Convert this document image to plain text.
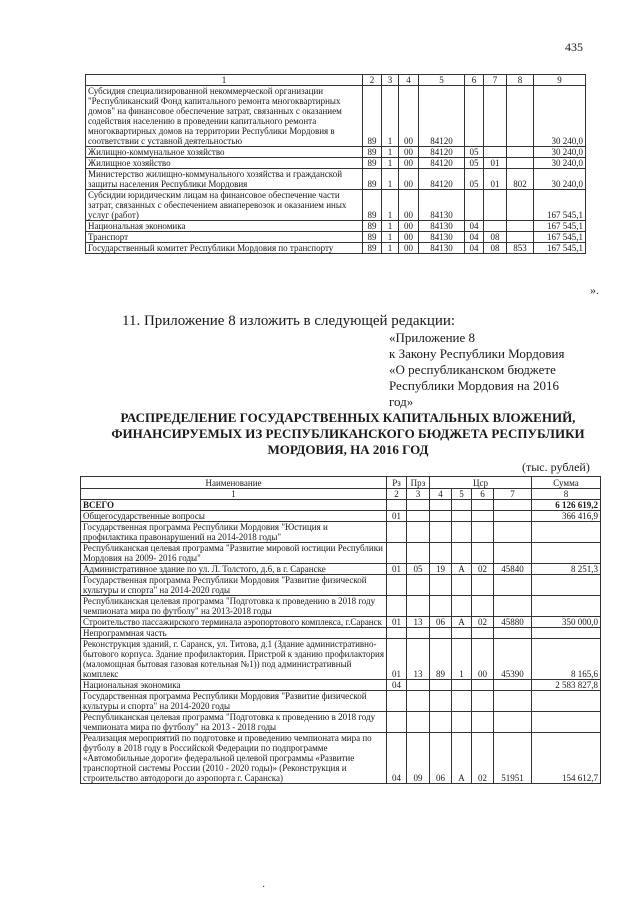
435
1	2	3	4	5	6	7	8	9
Субсидия специализированной некоммерческой организации "Республиканский Фонд капитального ремонта многоквартирных домов" на финансовое обеспечение затрат, связанных с оказанием содействия населению в проведении капитального ремонта многоквартирных домов на территории Республики Мордовия в соответствии с уставной деятельностью	89	1	00	84120				30 240,0
Жилищно-коммунальное хозяйство	89	1	00	84120	05			30 240,0
Жилищное хозяйство	89	1	00	84120	05	01		30 240,0
Министерство жилищно-коммунального хозяйства и гражданской защиты населения Республики Мордовия	89	1	00	84120	05	01	802	30 240,0
Субсидии юридическим лицам на финансовое обеспечение части затрат, связанных с обеспечением авиаперевозок и оказанием иных услуг (работ)	89	1	00	84130				167 545,1
Национальная экономика	89	1	00	84130	04			167 545,1
Транспорт	89	1	00	84130	04	08		167 545,1
Государственный комитет Республики Мордовия по транспорту	89	1	00	84130	04	08	853	167 545,1
».
11. Приложение 8 изложить в следующей редакции:
«Приложение 8
к Закону Республики Мордовия
«О республиканском бюджете
Республики Мордовия на 2016
год»
РАСПРЕДЕЛЕНИЕ ГОСУДАРСТВЕННЫХ КАПИТАЛЬНЫХ ВЛОЖЕНИЙ,
ФИНАНСИРУЕМЫХ ИЗ РЕСПУБЛИКАНСКОГО БЮДЖЕТА РЕСПУБЛИКИ
МОРДОВИЯ, НА 2016 ГОД
(тыс. рублей)
Наименование	Рз	Прз	Цср				Сумма
1	2	3	4	5	6	7	8
ВСЕГО							6 126 619,2
Общегосударственные вопросы	01						366 416,9
Государственная программа Республики Мордовия "Юстиция и профилактика правонарушений на 2014-2018 годы"							
Республиканская целевая программа "Развитие мировой юстиции Республики Мордовия на 2009- 2016 годы"							
Административное здание по ул. Л. Толстого, д.6, в г. Саранске	01	05	19	А	02	45840	8 251,3
Государственная программа Республики Мордовия "Развитие физической культуры и спорта" на 2014-2020 годы							
Республиканская целевая программа "Подготовка к проведению в 2018 году чемпионата мира по футболу" на 2013-2018 годы							
Строительство пассажирского терминала аэропортового комплекса, г.Саранск	01	13	06	А	02	45880	350 000,0
Непрограммная часть							
Реконструкция зданий, г. Саранск, ул. Титова, д.1 (Здание административно-бытового корпуса. Здание профилактория. Пристрой к зданию профилактория (маломощная бытовая газовая котельная №1)) под административный комплекс	01	13	89	1	00	45390	8 165,6
Национальная экономика	04						2 583 827,8
Государственная программа Республики Мордовия "Развитие физической культуры и спорта" на 2014-2020 годы							
Республиканская целевая программа "Подготовка к проведению в 2018 году чемпионата мира по футболу" на 2013 - 2018 годы							
Реализация мероприятий по подготовке и проведению чемпионата мира по футболу в 2018 году в Российской Федерации по подпрограмме «Автомобильные дороги» федеральной целевой программы «Развитие транспортной системы России (2010 - 2020 годы)» (Реконструкция и строительство автодороги до аэропорта г. Саранска)	04	09	06	А	02	51951	154 612,7
·
